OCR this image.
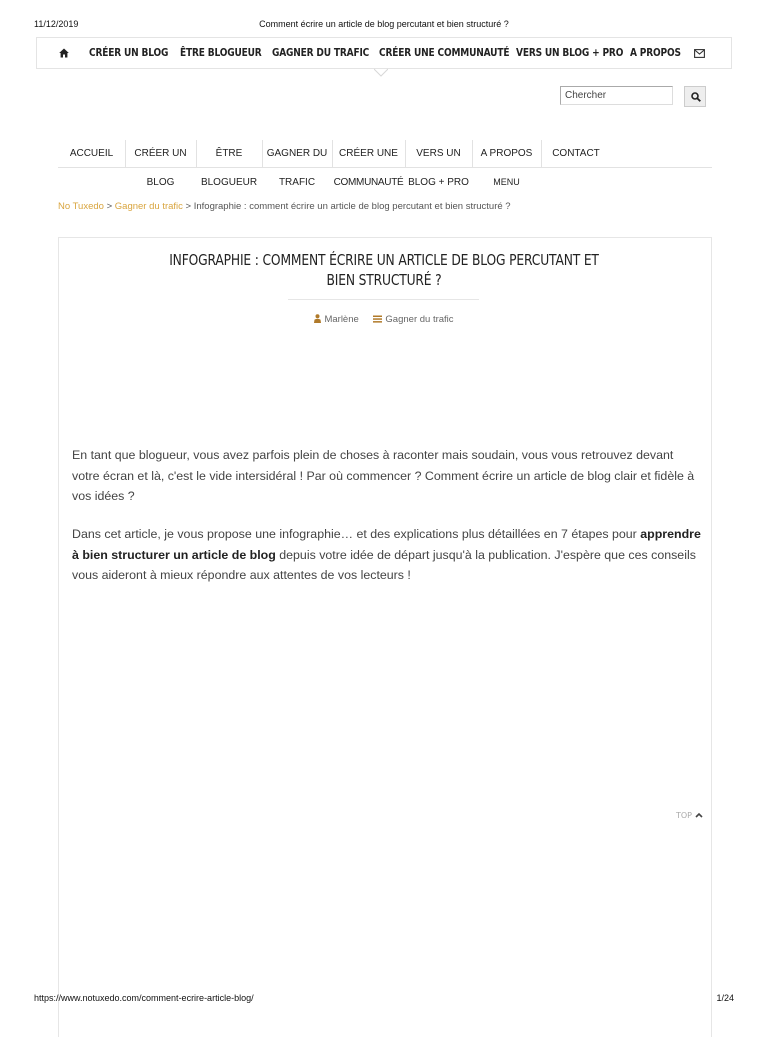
11/12/2019	Comment écrire un article de blog percutant et bien structuré ?
CRÉER UN BLOG ÊTRE BLOGUEUR GAGNER DU TRAFIC CRÉER UNE COMMUNAUTÉ VERS UN BLOG + PRO A PROPOS
Chercher
ACCUEIL	CRÉER UN
BLOG
ÊTRE
BLOGUEUR
GAGNER DU
TRAFIC
CRÉER UNE
COMMUNAUTÉ
VERS UN
BLOG + PRO
A PROPOS	CONTACT
MENU
No Tuxedo > Gagner du trafic > Infographie : comment écrire un article de blog percutant et bien structuré ?
INFOGRAPHIE : COMMENT ÉCRIRE UN ARTICLE DE BLOG PERCUTANT ET
BIEN STRUCTURÉ ?
Marlène	Gagner du trafic

En tant que blogueur, vous avez parfois plein de choses à raconter mais soudain, vous vous retrouvez devant votre écran et là, c'est le vide intersidéral ! Par où commencer ? Comment écrire un article de blog clair et fidèle à vos idées ?

Dans cet article, je vous propose une infographie… et des explications plus détaillées en 7 étapes pour apprendre à bien structurer un article de blog depuis votre idée de départ jusqu'à la publication. J'espère que ces conseils vous aideront à mieux répondre aux attentes de vos lecteurs !

TOP
https://www.notuxedo.com/comment-ecrire-article-blog/	1/24
